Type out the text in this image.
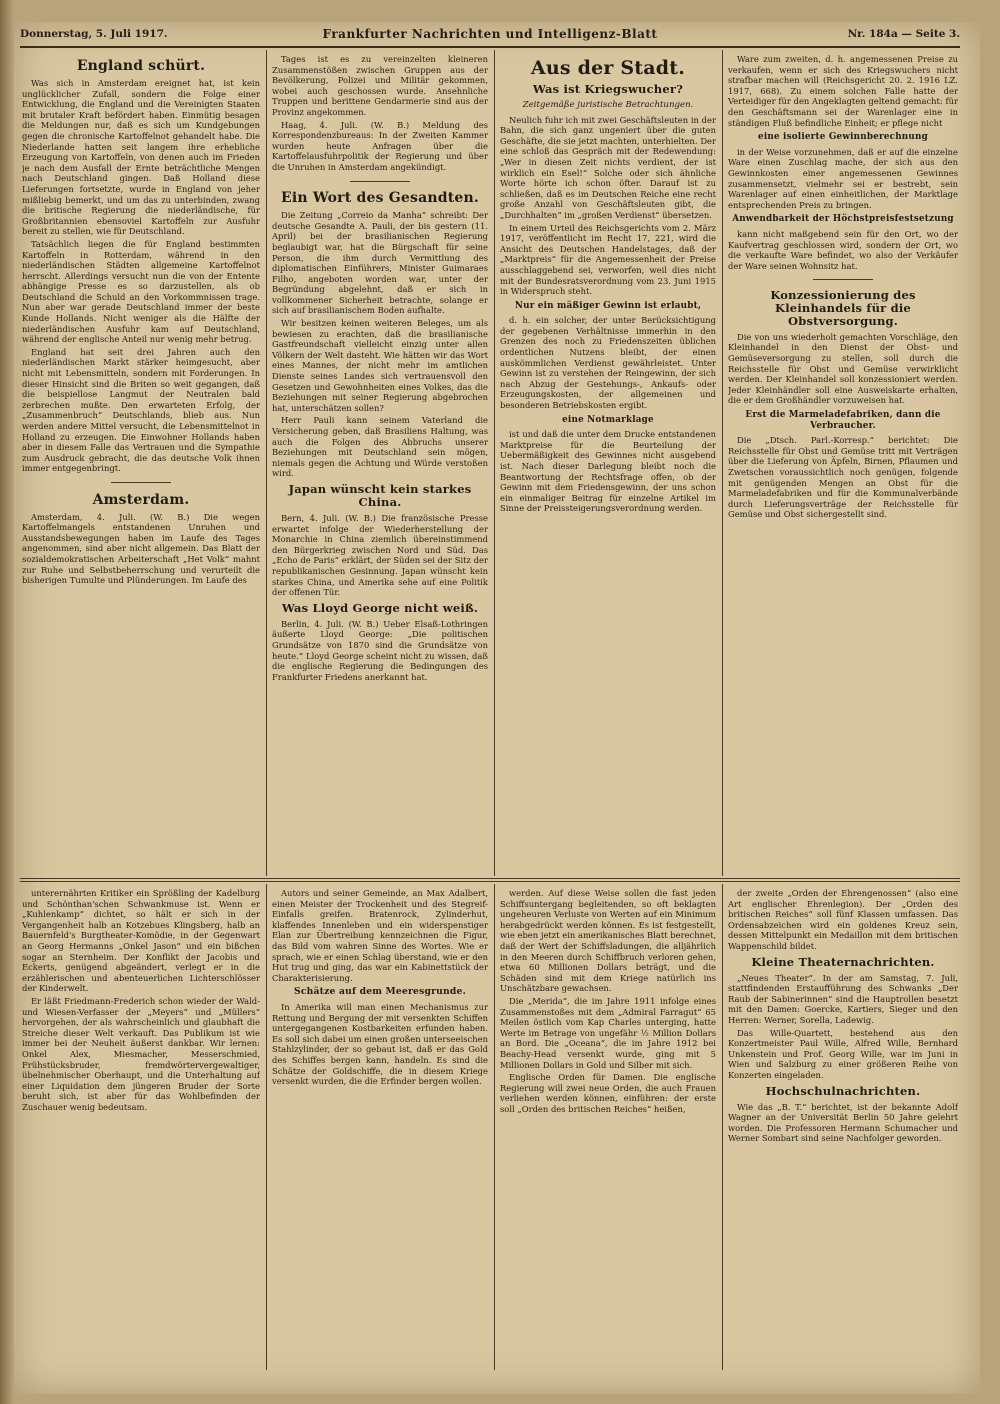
Donnerstag, 5. Juli 1917.	Frankfurter Nachrichten und Intelligenz-Blatt	Nr. 184a — Seite 3.
England schürt.

Was sich in Amsterdam ereignet hat, ist kein unglücklicher Zufall, sondern die Folge einer Entwicklung, die England und die Vereinigten Staaten mit brutaler Kraft befördert haben. Einmütig besagen die Meldungen nur, daß es sich um Kundgebungen gegen die chronische Kartoffelnot gehandelt habe. Die Niederlande hatten seit langem ihre erhebliche Erzeugung von Kartoffeln, von denen auch im Frieden je nach dem Ausfall der Ernte beträchtliche Mengen nach Deutschland gingen. Daß Holland diese Lieferungen fortsetzte, wurde in England von jeher mißliebig bemerkt, und um das zu unterbinden, zwang die britische Regierung die niederländische, für Großbritannien ebensoviel Kartoffeln zur Ausfuhr bereit zu stellen, wie für Deutschland.

Tatsächlich liegen die für England bestimmten Kartoffeln in Rotterdam, während in den niederländischen Städten allgemeine Kartoffelnot herrscht. Allerdings versucht nun die von der Entente abhängige Presse es so darzustellen, als ob Deutschland die Schuld an den Vorkommnissen trage. Nun aber war gerade Deutschland immer der beste Kunde Hollands. Nicht weniger als die Hälfte der niederländischen Ausfuhr kam auf Deutschland, während der englische Anteil nur wenig mehr betrug.

England hat seit drei Jahren auch den niederländischen Markt stärker heimgesucht, aber nicht mit Lebensmitteln, sondern mit Forderungen. In dieser Hinsicht sind die Briten so weit gegangen, daß die beispiellose Langmut der Neutralen bald zerbrechen mußte. Den erwarteten Erfolg, der „Zusammenbruch“ Deutschlands, blieb aus. Nun werden andere Mittel versucht, die Lebensmittelnot in Holland zu erzeugen. Die Einwohner Hollands haben aber in diesem Falle das Vertrauen und die Sympathie zum Ausdruck gebracht, die das deutsche Volk ihnen immer entgegenbringt.

Amsterdam.

Amsterdam, 4. Juli. (W. B.) Die wegen Kartoffelmangels entstandenen Unruhen und Ausstandsbewegungen haben im Laufe des Tages angenommen, sind aber nicht allgemein. Das Blatt der sozialdemokratischen Arbeiterschaft „Het Volk“ mahnt zur Ruhe und Selbstbeherrschung und verurteilt die bisherigen Tumulte und Plünderungen. Im Laufe des

Tages ist es zu vereinzelten kleineren Zusammenstößen zwischen Gruppen aus der Bevölkerung, Polizei und Militär gekommen, wobei auch geschossen wurde. Ansehnliche Truppen und berittene Gendarmerie sind aus der Provinz angekommen.

Haag, 4. Juli. (W. B.) Meldung des Korrespondenzbureaus: In der Zweiten Kammer wurden heute Anfragen über die Kartoffelausfuhrpolitik der Regierung und über die Unruhen in Amsterdam angekündigt.

Ein Wort des Gesandten.

Die Zeitung „Correio da Manha“ schreibt: Der deutsche Gesandte A. Pauli, der bis gestern (11. April) bei der brasilianischen Regierung beglaubigt war, hat die Bürgschaft für seine Person, die ihm durch Vermittlung des diplomatischen Einführers, Minister Guimaraes Filho, angeboten worden war, unter der Begründung abgelehnt, daß er sich in vollkommener Sicherheit betrachte, solange er sich auf brasilianischem Boden aufhalte.

Wir besitzen keinen weiteren Beleges, um als bewiesen zu erachten, daß die brasilianische Gastfreundschaft vielleicht einzig unter allen Völkern der Welt dasteht. Wie hätten wir das Wort eines Mannes, der nicht mehr im amtlichen Dienste seines Landes sich vertrauensvoll den Gesetzen und Gewohnheiten eines Volkes, das die Beziehungen mit seiner Regierung abgebrochen hat, unterschätzen sollen?

Herr Pauli kann seinem Vaterland die Versicherung geben, daß Brasiliens Haltung, was auch die Folgen des Abbruchs unserer Beziehungen mit Deutschland sein mögen, niemals gegen die Achtung und Würde verstoßen wird.

Japan wünscht kein starkes China.

Bern, 4. Juli. (W. B.) Die französische Presse erwartet infolge der Wiederherstellung der Monarchie in China ziemlich übereinstimmend den Bürgerkrieg zwischen Nord und Süd. Das „Echo de Paris“ erklärt, der Süden sei der Sitz der republikanischen Gesinnung. Japan wünscht kein starkes China, und Amerika sehe auf eine Politik der offenen Tür.

Was Lloyd George nicht weiß.

Berlin, 4. Juli. (W. B.) Ueber Elsaß-Lothringen äußerte Lloyd George: „Die politischen Grundsätze von 1870 sind die Grundsätze von heute.“ Lloyd George scheint nicht zu wissen, daß die englische Regierung die Bedingungen des Frankfurter Friedens anerkannt hat.

Aus der Stadt.
Was ist Kriegswucher?
Zeitgemäße juristische Betrachtungen.

Neulich fuhr ich mit zwei Geschäftsleuten in der Bahn, die sich ganz ungeniert über die guten Geschäfte, die sie jetzt machten, unterhielten. Der eine schloß das Gespräch mit der Redewendung: „Wer in diesen Zeit nichts verdient, der ist wirklich ein Esel!“ Solche oder sich ähnliche Worte hörte ich schon öfter. Darauf ist zu schließen, daß es im Deutschen Reiche eine recht große Anzahl von Geschäftsleuten gibt, die „Durchhalten“ im „großen Verdienst“ übersetzen.

In einem Urteil des Reichsgerichts vom 2. März 1917, veröffentlicht im Recht 17, 221, wird die Ansicht des Deutschen Handelstages, daß der „Marktpreis“ für die Angemessenheit der Preise ausschlaggebend sei, verworfen, weil dies nicht mit der Bundesratsverordnung vom 23. Juni 1915 in Widerspruch steht.

Nur ein mäßiger Gewinn ist erlaubt,

d. h. ein solcher, der unter Berücksichtigung der gegebenen Verhältnisse immerhin in den Grenzen des noch zu Friedenszeiten üblichen ordentlichen Nutzens bleibt, der einen auskömmlichen Verdienst gewährleistet. Unter Gewinn ist zu verstehen der Reingewinn, der sich nach Abzug der Gestehungs-, Ankaufs- oder Erzeugungskosten, der allgemeinen und besonderen Betriebskosten ergibt.

eine Notmarklage

ist und daß die unter dem Drucke entstandenen Marktpreise für die Beurteilung der Uebermäßigkeit des Gewinnes nicht ausgebend ist. Nach dieser Darlegung bleibt noch die Beantwortung der Rechtsfrage offen, ob der Gewinn mit dem Friedensgewinn, der uns schon ein einmaliger Beitrag für einzelne Artikel im Sinne der Preissteigerungsverordnung werden.

Ware zum zweiten, d. h. angemessenen Preise zu verkaufen, wenn er sich des Kriegswuchers nicht strafbar machen will (Reichsgericht 20. 2. 1916 LZ. 1917, 668). Zu einem solchen Falle hatte der Verteidiger für den Angeklagten geltend gemacht: für den Geschäftsmann sei der Warenlager eine in ständigen Fluß befindliche Einheit; er pflege nicht

eine isolierte Gewinnberechnung

in der Weise vorzunehmen, daß er auf die einzelne Ware einen Zuschlag mache, der sich aus den Gewinnkosten einer angemessenen Gewinnes zusammensetzt, vielmehr sei er bestrebt, sein Warenlager auf einen einheitlichen, der Marktlage entsprechenden Preis zu bringen.

Anwendbarkeit der Höchstpreisfestsetzung

kann nicht maßgebend sein für den Ort, wo der Kaufvertrag geschlossen wird, sondern der Ort, wo die verkaufte Ware befindet, wo also der Verkäufer der Ware seinen Wohnsitz hat.

Konzessionierung des Kleinhandels für die Obstversorgung.

Die von uns wiederholt gemachten Vorschläge, den Kleinhandel in den Dienst der Obst- und Gemüseversorgung zu stellen, soll durch die Reichsstelle für Obst und Gemüse verwirklicht werden. Der Kleinhandel soll konzessioniert werden. Jeder Kleinhändler soll eine Ausweiskarte erhalten, die er dem Großhändler vorzuweisen hat.

Erst die Marmeladefabriken, dann die Verbraucher.

Die „Dtsch. Parl.-Korresp.“ berichtet: Die Reichsstelle für Obst und Gemüse tritt mit Verträgen über die Lieferung von Äpfeln, Birnen, Pflaumen und Zwetschen voraussichtlich noch genügen, folgende mit genügenden Mengen an Obst für die Marmeladefabriken und für die Kommunalverbände durch Lieferungsverträge der Reichsstelle für Gemüse und Obst sichergestellt sind.

unterernährten Kritiker ein Sprößling der Kadelburg und Schönthan'schen Schwankmuse ist. Wenn er „Kuhlenkamp“ dichtet, so hält er sich in der Vergangenheit halb an Kotzebues Klingsberg, halb an Bauernfeld's Burgtheater-Komödie, in der Gegenwart an Georg Hermanns „Onkel Jason“ und ein bißchen sogar an Sternheim. Der Konflikt der Jacobis und Eckerts, genügend abgeändert, verlegt er in die erzählerischen und abenteuerlichen Lichterschlösser der Kinderwelt.

Er läßt Friedmann-Frederich schon wieder der Wald- und Wiesen-Verfasser der „Meyers“ und „Müllers“ hervorgehen, der als wahrscheinlich und glaubhaft die Streiche dieser Welt verkauft. Das Publikum ist wie immer bei der Neuheit äußerst dankbar. Wir lernen: Onkel Alex, Miesmacher, Messerschmied, Frühstücksbruder, fremdwörtervergewaltiger, übelnehmischer Oberhaupt, und die Unterhaltung auf einer Liquidation dem jüngeren Bruder der Sorte beruht sich, ist aber für das Wohlbefinden der Zuschauer wenig bedeutsam.

Autors und seiner Gemeinde, an Max Adalbert, einen Meister der Trockenheit und des Stegreif-Einfalls greifen. Bratenrock, Zylinderhut, klaffendes Innenleben und ein widerspenstiger Elan zur Übertreibung kennzeichnen die Figur, das Bild vom wahren Sinne des Wortes. Wie er sprach, wie er einen Schlag überstand, wie er den Hut trug und ging, das war ein Kabinettstück der Charakterisierung.

Schätze auf dem Meeresgrunde.

In Amerika will man einen Mechanismus zur Rettung und Bergung der mit versenkten Schiffen untergegangenen Kostbarkeiten erfunden haben. Es soll sich dabei um einen großen unterseeischen Stahlzylinder, der so gebaut ist, daß er das Gold des Schiffes bergen kann, handeln. Es sind die Schätze der Goldschiffe, die in diesem Kriege versenkt wurden, die die Erfinder bergen wollen.

werden. Auf diese Weise sollen die fast jeden Schiffsuntergang begleitenden, so oft beklagten ungeheuren Verluste von Werten auf ein Minimum herabgedrückt werden können. Es ist festgestellt, wie eben jetzt ein amerikanisches Blatt berechnet, daß der Wert der Schiffsladungen, die alljährlich in den Meeren durch Schiffbruch verloren gehen, etwa 60 Millionen Dollars beträgt, und die Schäden sind mit dem Kriege natürlich ins Unschätzbare gewachsen.

Die „Merida“, die im Jahre 1911 infolge eines Zusammenstoßes mit dem „Admiral Farragut“ 65 Meilen östlich vom Kap Charles unterging, hatte Werte im Betrage von ungefähr ½ Million Dollars an Bord. Die „Oceana“, die im Jahre 1912 bei Beachy-Head versenkt wurde, ging mit 5 Millionen Dollars in Gold und Silber mit sich.

Englische Orden für Damen. Die englische Regierung will zwei neue Orden, die auch Frauen verliehen werden können, einführen: der erste soll „Orden des britischen Reiches“ heißen,

der zweite „Orden der Ehrengenossen“ (also eine Art englischer Ehrenlegion). Der „Orden des britischen Reiches“ soll fünf Klassen umfassen. Das Ordensabzeichen wird ein goldenes Kreuz sein, dessen Mittelpunkt ein Medaillon mit dem britischen Wappenschild bildet.

Kleine Theaternachrichten.

„Neues Theater“. In der am Samstag, 7. Juli, stattfindenden Erstaufführung des Schwanks „Der Raub der Sabinerinnen“ sind die Hauptrollen besetzt mit den Damen: Goercke, Kartiers, Sieger und den Herren: Werner, Sorella, Ladewig.

Das Wille-Quartett, bestehend aus den Konzertmeister Paul Wille, Alfred Wille, Bernhard Unkenstein und Prof. Georg Wille, war im Juni in Wien und Salzburg zu einer größeren Reihe von Konzerten eingeladen.

Hochschulnachrichten.

Wie das „B. T.“ berichtet, ist der bekannte Adolf Wagner an der Universität Berlin 50 Jahre gelehrt worden. Die Professoren Hermann Schumacher und Werner Sombart sind seine Nachfolger geworden.
